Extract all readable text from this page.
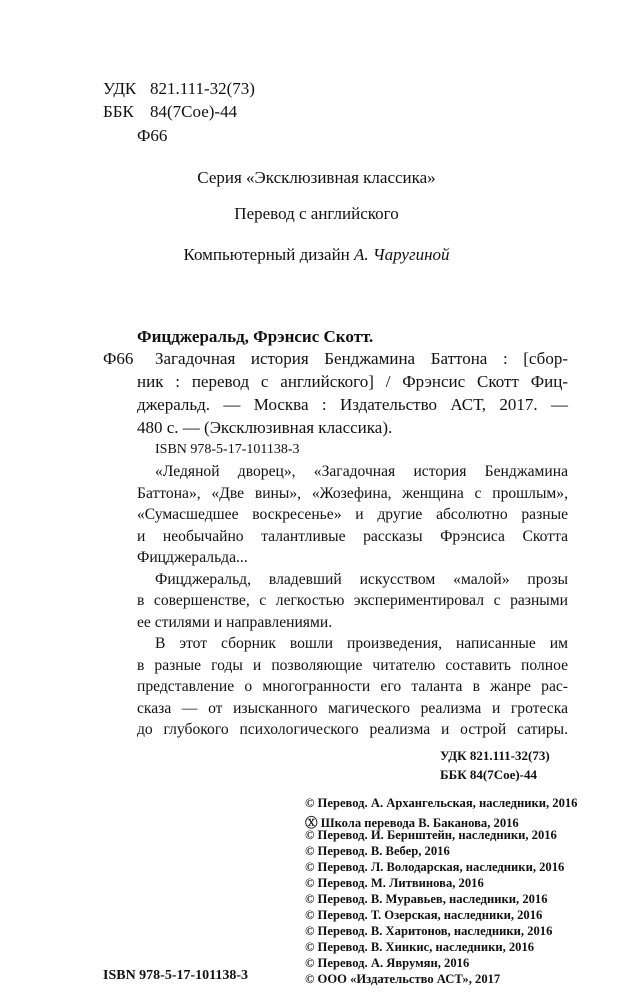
УДК 821.111-32(73)
ББК 84(7Сое)-44
Ф66
Серия «Эксклюзивная классика»
Перевод с английского
Компьютерный дизайн А. Чаругиной
Фицджеральд, Фрэнсис Скотт.
Ф66 Загадочная история Бенджамина Баттона : [сбор-
ник : перевод с английского] / Фрэнсис Скотт Фиц-
джеральд. — Москва : Издательство АСТ, 2017. —
480 с. — (Эксклюзивная классика).
ISBN 978-5-17-101138-3
«Ледяной дворец», «Загадочная история Бенджамина
Баттона», «Две вины», «Жозефина, женщина с прошлым»,
«Сумасшедшее воскресенье» и другие абсолютно разные
и необычайно талантливые рассказы Фрэнсиса Скотта
Фицджеральда...
Фицджеральд, владевший искусством «малой» прозы
в совершенстве, с легкостью экспериментировал с разными
ее стилями и направлениями.
В этот сборник вошли произведения, написанные им
в разные годы и позволяющие читателю составить полное
представление о многогранности его таланта в жанре рас-
сказа — от изысканного магического реализма и гротеска
до глубокого психологического реализма и острой сатиры.
УДК 821.111-32(73)
ББК 84(7Сое)-44
© Перевод. А. Архангельская, наследники, 2016
Ⓧ Школа перевода В. Баканова, 2016
© Перевод. И. Бернштейн, наследники, 2016
© Перевод. В. Вебер, 2016
© Перевод. Л. Володарская, наследники, 2016
© Перевод. М. Литвинова, 2016
© Перевод. В. Муравьев, наследники, 2016
© Перевод. Т. Озерская, наследники, 2016
© Перевод. В. Харитонов, наследники, 2016
© Перевод. В. Хинкис, наследники, 2016
© Перевод. А. Яврумян, 2016
© ООО «Издательство АСТ», 2017
ISBN 978-5-17-101138-3
